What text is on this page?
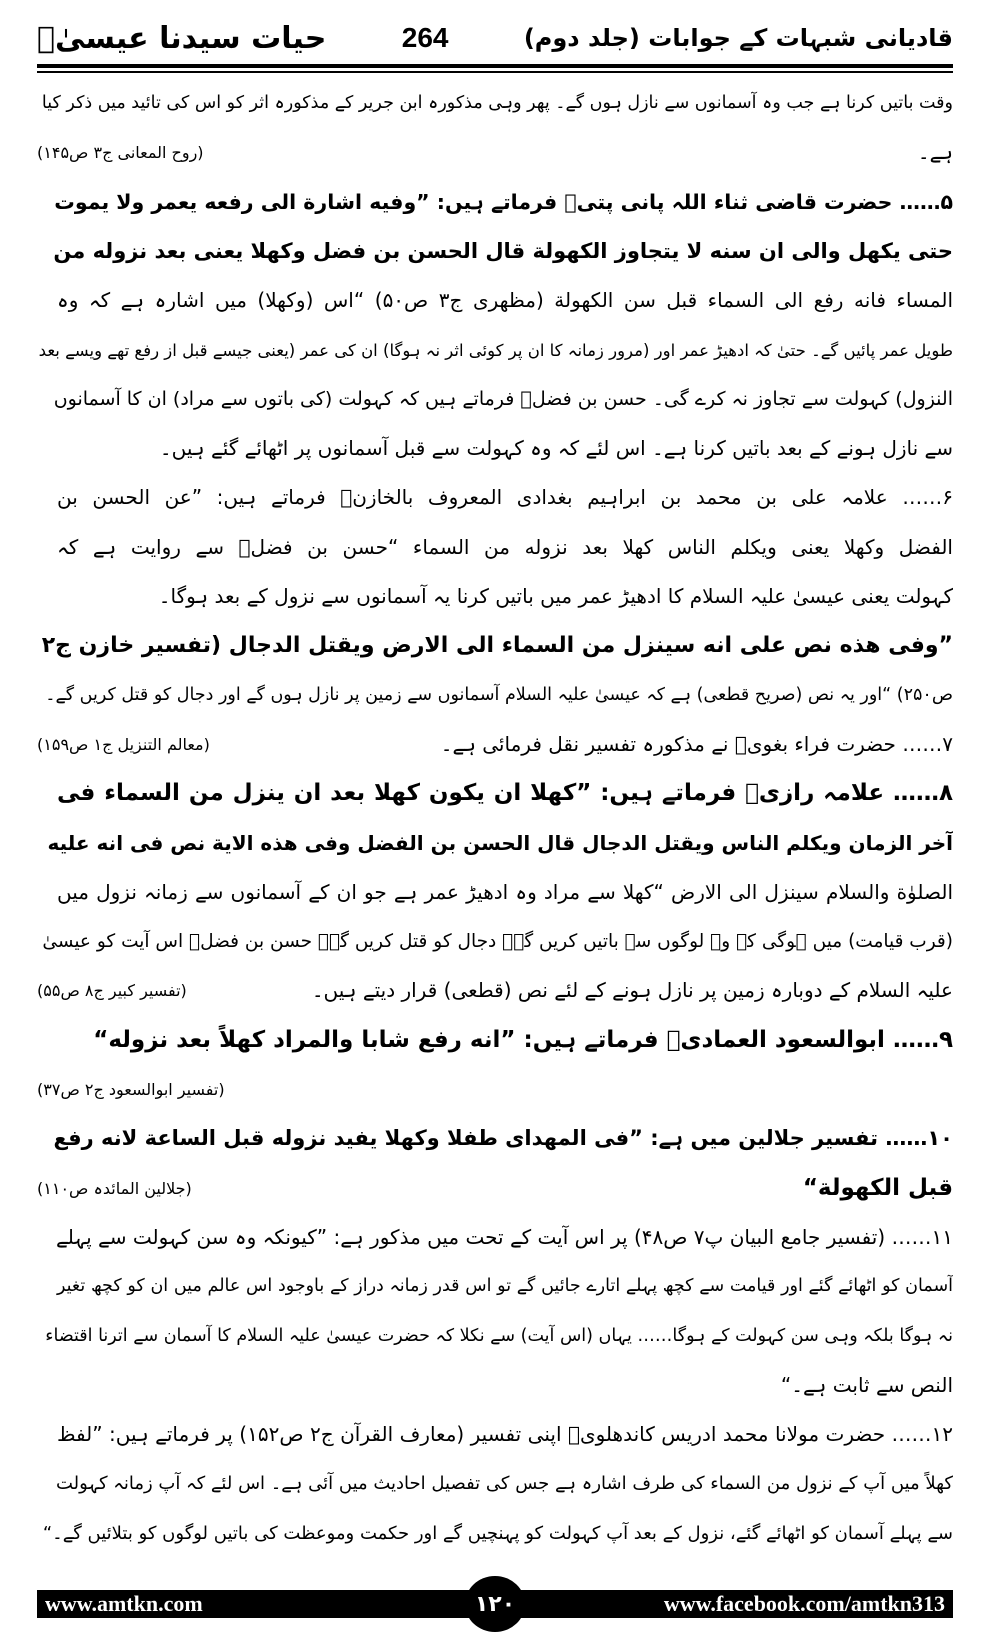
قادیانی شبہات کے جوابات (جلد دوم)
264
حیات سیدنا عیسیٰؑ
وقت باتیں کرنا ہے جب وہ آسمانوں سے نازل ہوں گے۔ پھر وہی مذکورہ ابن جریر کے مذکورہ اثر کو اس کی تائید میں ذکر کیا
ہے۔
(روح المعانی ج۳ ص۱۴۵)
۵…… حضرت قاضی ثناء اللہ پانی پتیؒ فرماتے ہیں: ”وفیه اشارة الی رفعه یعمر ولا یموت
حتی یکهل والی ان سنه لا یتجاوز الکهولة قال الحسن بن فضل وکهلا یعنی بعد نزوله من
المساء فانه رفع الی السماء قبل سن الکهولة (مظهری ج۳ ص۵۰) “اس (وکھلا) میں اشارہ ہے کہ وہ
طویل عمر پائیں گے۔ حتیٰ کہ ادھیڑ عمر اور (مرور زمانہ کا ان پر کوئی اثر نہ ہوگا) ان کی عمر (یعنی جیسے قبل از رفع تھے ویسے بعد
النزول) کہولت سے تجاوز نہ کرے گی۔ حسن بن فضلؒ فرماتے ہیں کہ کہولت (کی باتوں سے مراد) ان کا آسمانوں
سے نازل ہونے کے بعد باتیں کرنا ہے۔ اس لئے کہ وہ کہولت سے قبل آسمانوں پر اٹھائے گئے ہیں۔
۶…… علامہ علی بن محمد بن ابراہیم بغدادی المعروف بالخازنؒ فرماتے ہیں: ”عن الحسن بن
الفضل وکهلا یعنی ویکلم الناس کهلا بعد نزوله من السماء “حسن بن فضلؒ سے روایت ہے کہ
کہولت یعنی عیسیٰ علیہ السلام کا ادھیڑ عمر میں باتیں کرنا یہ آسمانوں سے نزول کے بعد ہوگا۔
”وفی هذه نص علی انه سینزل من السماء الی الارض ویقتل الدجال (تفسیر خازن ج۲
ص۲۵۰) “اور یہ نص (صریح قطعی) ہے کہ عیسیٰ علیہ السلام آسمانوں سے زمین پر نازل ہوں گے اور دجال کو قتل کریں گے۔
۷…… حضرت فراء بغویؒ نے مذکورہ تفسیر نقل فرمائی ہے۔
(معالم التنزیل ج۱ ص۱۵۹)
۸…… علامہ رازیؒ فرماتے ہیں: ”کهلا ان یکون کهلا بعد ان ینزل من السماء فی
آخر الزمان ویکلم الناس ویقتل الدجال قال الحسن بن الفضل وفی هذه الایة نص فی انه علیه
الصلوٰة والسلام سینزل الی الارض “کھلا سے مراد وہ ادھیڑ عمر ہے جو ان کے آسمانوں سے زمانہ نزول میں
(قرب قیامت) میں ہوگی کہ وہ لوگوں سے باتیں کریں گے۔ دجال کو قتل کریں گے۔ حسن بن فضلؒ اس آیت کو عیسیٰ
علیہ السلام کے دوبارہ زمین پر نازل ہونے کے لئے نص (قطعی) قرار دیتے ہیں۔
(تفسیر کبیر ج۸ ص۵۵)
۹…… ابوالسعود العمادیؒ فرماتے ہیں: ”انه رفع شابا والمراد کهلاً بعد نزوله“
(تفسیر ابوالسعود ج۲ ص۳۷)
۱۰…… تفسیر جلالین میں ہے: ”فی المهدای طفلا وکهلا یفید نزوله قبل الساعة لانه رفع
قبل الکهولة“
(جلالین المائدہ ص۱۱۰)
۱۱…… (تفسیر جامع البیان پ۷ ص۴۸) پر اس آیت کے تحت میں مذکور ہے: ”کیونکہ وہ سن کہولت سے پہلے
آسمان کو اٹھائے گئے اور قیامت سے کچھ پہلے اتارے جائیں گے تو اس قدر زمانہ دراز کے باوجود اس عالم میں ان کو کچھ تغیر
نہ ہوگا بلکہ وہی سن کہولت کے ہوگا…… یہاں (اس آیت) سے نکلا کہ حضرت عیسیٰ علیہ السلام کا آسمان سے اترنا اقتضاء
النص سے ثابت ہے۔“
۱۲…… حضرت مولانا محمد ادریس کاندھلویؒ اپنی تفسیر (معارف القرآن ج۲ ص۱۵۲) پر فرماتے ہیں: ”لفظ
کھلاً میں آپ کے نزول من السماء کی طرف اشارہ ہے جس کی تفصیل احادیث میں آئی ہے۔ اس لئے کہ آپ زمانہ کہولت
سے پہلے آسمان کو اٹھائے گئے، نزول کے بعد آپ کہولت کو پہنچیں گے اور حکمت وموعظت کی باتیں لوگوں کو بتلائیں گے۔“
www.amtkn.com	www.facebook.com/amtkn313
۱۲۰
